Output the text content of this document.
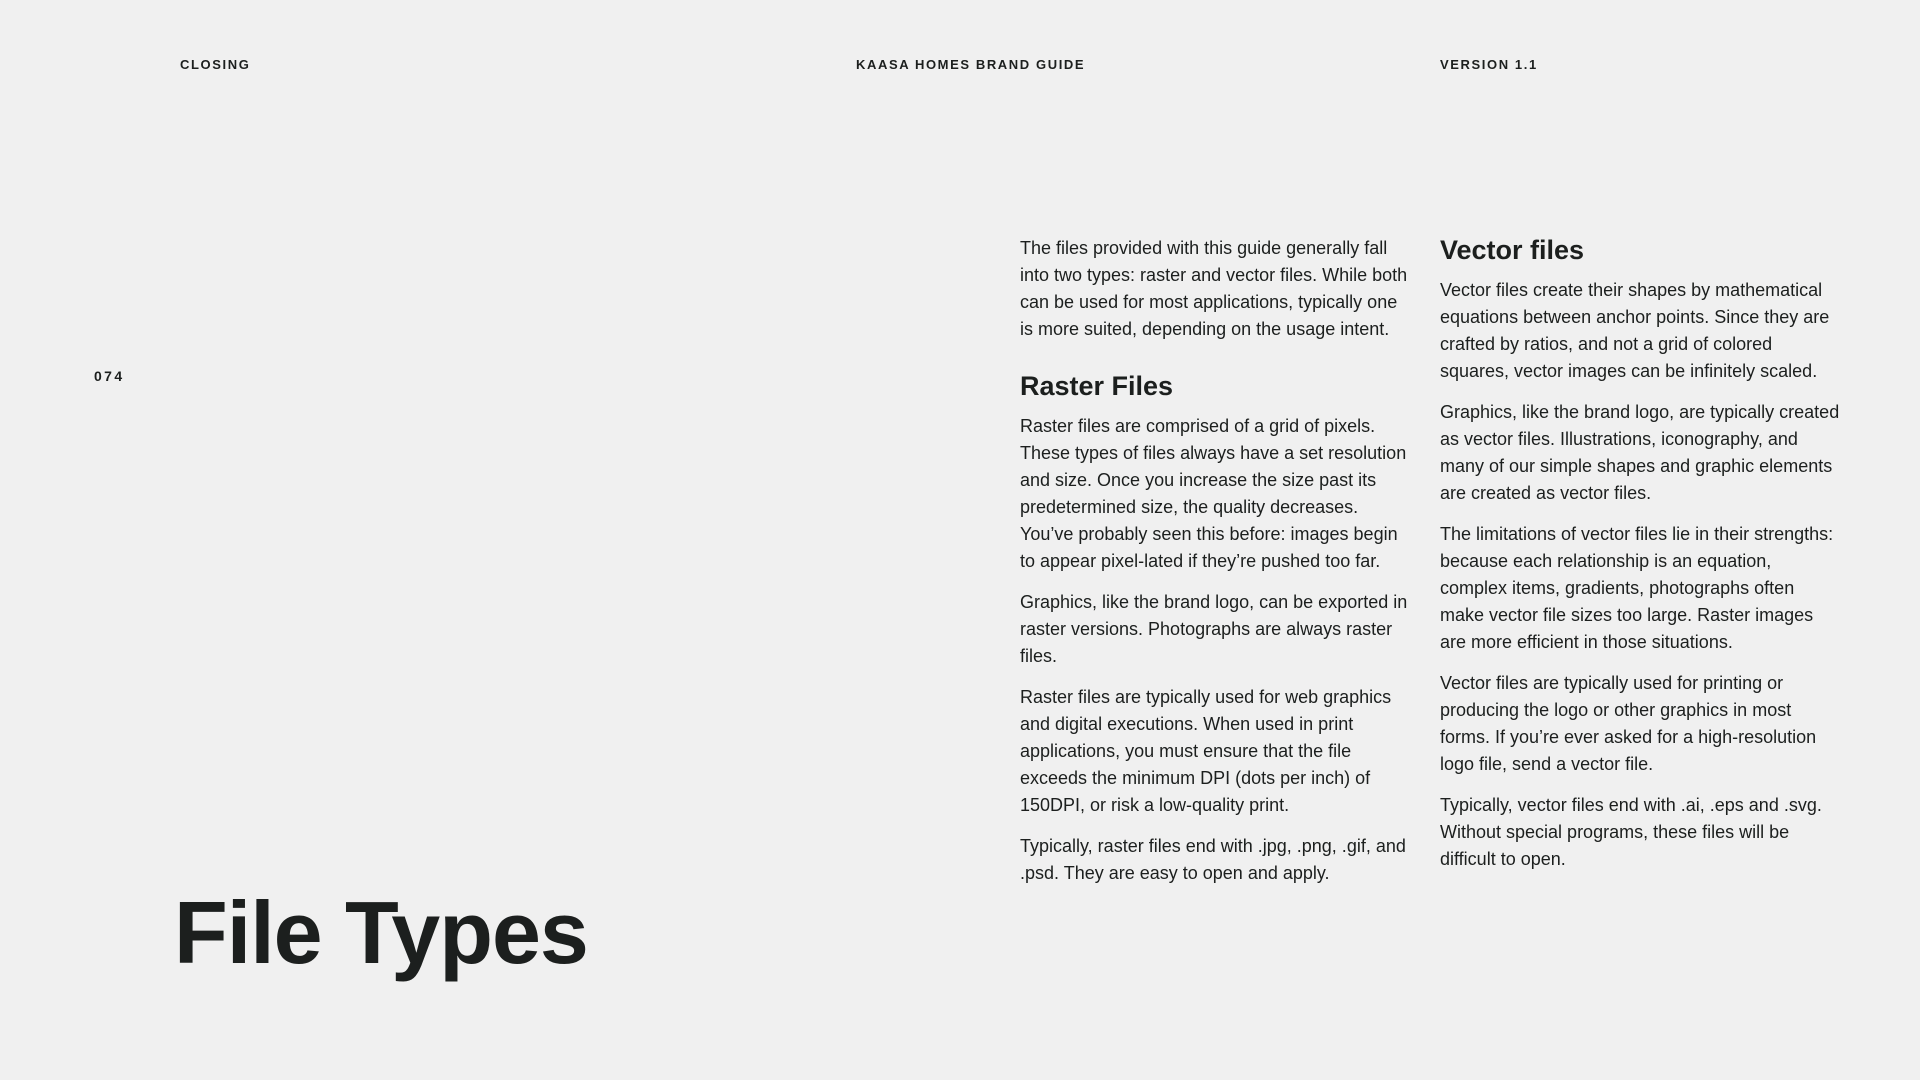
CLOSING	KAASA HOMES BRAND GUIDE	VERSION 1.1
074
File Types

The files provided with this guide generally fall into two types: raster and vector files. While both can be used for most applications, typically one is more suited, depending on the usage intent.

Raster Files

Raster files are comprised of a grid of pixels. These types of files always have a set resolution and size. Once you increase the size past its predetermined size, the quality decreases. You’ve probably seen this before: images begin to appear pixel-lated if they’re pushed too far.

Graphics, like the brand logo, can be exported in raster versions. Photographs are always raster files.

Raster files are typically used for web graphics and digital executions. When used in print applications, you must ensure that the file exceeds the minimum DPI (dots per inch) of 150DPI, or risk a low-quality print.

Typically, raster files end with .jpg, .png, .gif, and .psd. They are easy to open and apply.

Vector files

Vector files create their shapes by mathematical equations between anchor points. Since they are crafted by ratios, and not a grid of colored squares, vector images can be infinitely scaled.

Graphics, like the brand logo, are typically created as vector files. Illustrations, iconography, and many of our simple shapes and graphic elements are created as vector files.

The limitations of vector files lie in their strengths: because each relationship is an equation, complex items, gradients, photographs often make vector file sizes too large. Raster images are more efficient in those situations.

Vector files are typically used for printing or producing the logo or other graphics in most forms. If you’re ever asked for a high-resolution logo file, send a vector file.

Typically, vector files end with .ai, .eps and .svg. Without special programs, these files will be difficult to open.
